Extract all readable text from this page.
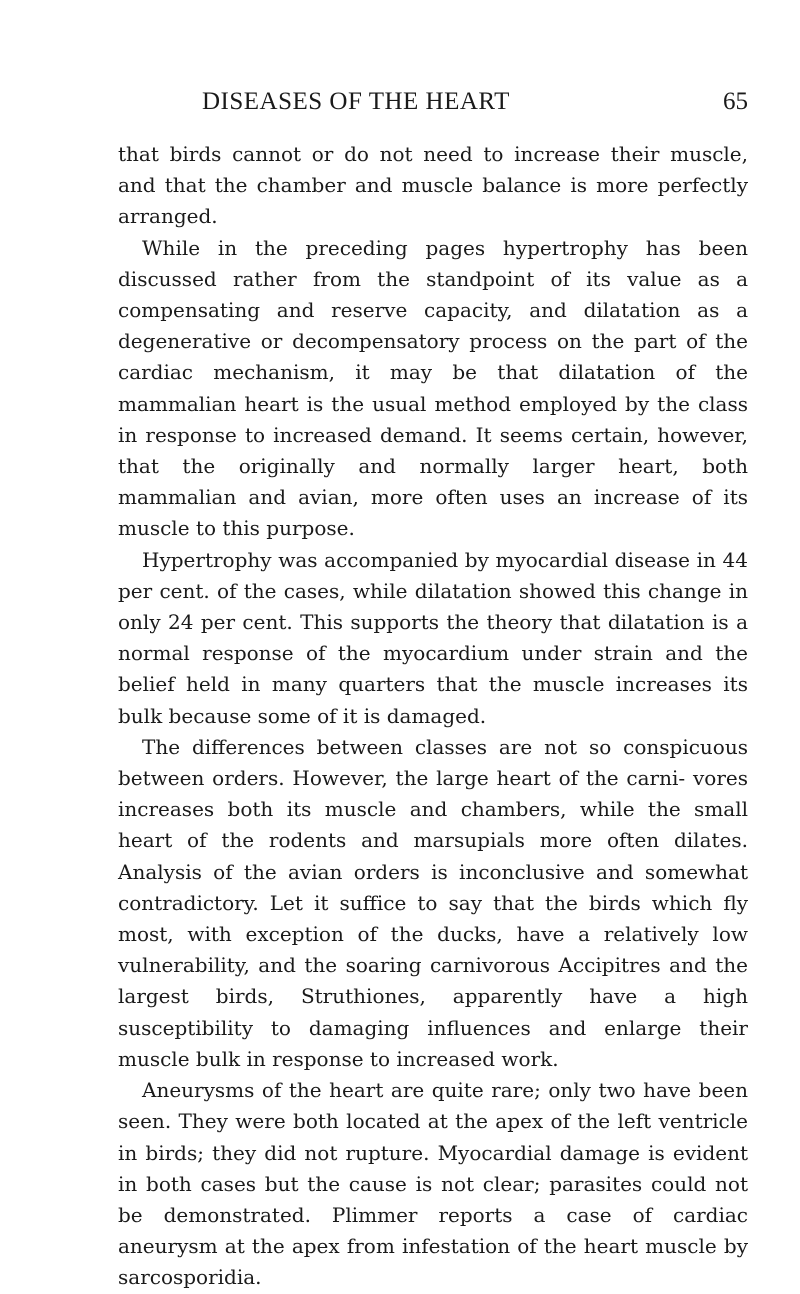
DISEASES OF THE HEART	65

that birds cannot or do not need to increase their muscle, and that the chamber and muscle balance is more perfectly arranged.

While in the preceding pages hypertrophy has been discussed rather from the standpoint of its value as a compensating and reserve capacity, and dilatation as a degenerative or decompensatory process on the part of the cardiac mechanism, it may be that dilatation of the mammalian heart is the usual method employed by the class in response to increased demand. It seems certain, however, that the originally and normally larger heart, both mammalian and avian, more often uses an increase of its muscle to this purpose.

Hypertrophy was accompanied by myocardial disease in 44 per cent. of the cases, while dilatation showed this change in only 24 per cent. This supports the theory that dilatation is a normal response of the myocardium under strain and the belief held in many quarters that the muscle increases its bulk because some of it is damaged.

The differences between classes are not so conspicuous between orders. However, the large heart of the carni- vores increases both its muscle and chambers, while the small heart of the rodents and marsupials more often dilates. Analysis of the avian orders is inconclusive and somewhat contradictory. Let it suffice to say that the birds which fly most, with exception of the ducks, have a relatively low vulnerability, and the soaring carnivorous Accipitres and the largest birds, Struthiones, apparently have a high susceptibility to damaging influences and enlarge their muscle bulk in response to increased work.

Aneurysms of the heart are quite rare; only two have been seen. They were both located at the apex of the left ventricle in birds; they did not rupture. Myocardial damage is evident in both cases but the cause is not clear; parasites could not be demonstrated. Plimmer reports a case of cardiac aneurysm at the apex from infestation of the heart muscle by sarcosporidia.
